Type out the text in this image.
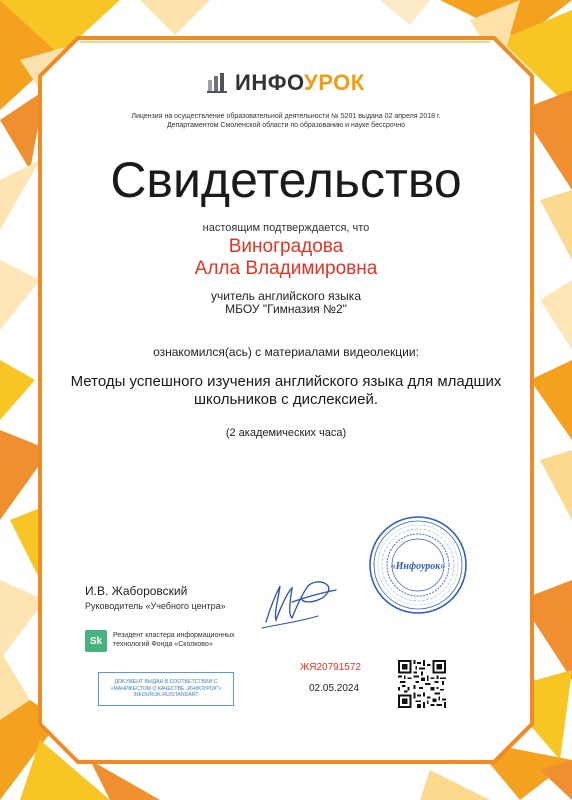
ИНФОУРОК
Лицензия на осуществление образовательной деятельности № 5201 выдана 02 апреля 2018 г.
Департаментом Смоленской области по образованию и науке бессрочно
Свидетельство
настоящим подтверждается, что
Виноградова
Алла Владимировна
учитель английского языка
МБОУ "Гимназия №2"
ознакомился(ась) с материалами видеолекции:
Методы успешного изучения английского языка для младших
школьников с дислексией.
(2 академических часа)
И.В. Жаборовский
Руководитель «Учебного центра»
Sk	Резидент кластера информационных
технологий Фонда «Сколково»
ДОКУМЕНТ ВЫДАН В СООТВЕТСТВИИ С
«МАНИФЕСТОМ О КАЧЕСТВЕ „ИНФОУРОК"»
INFOUROK.RU/STANDART
ЖЯ20791572
02.05.2024
«Инфоурок»
